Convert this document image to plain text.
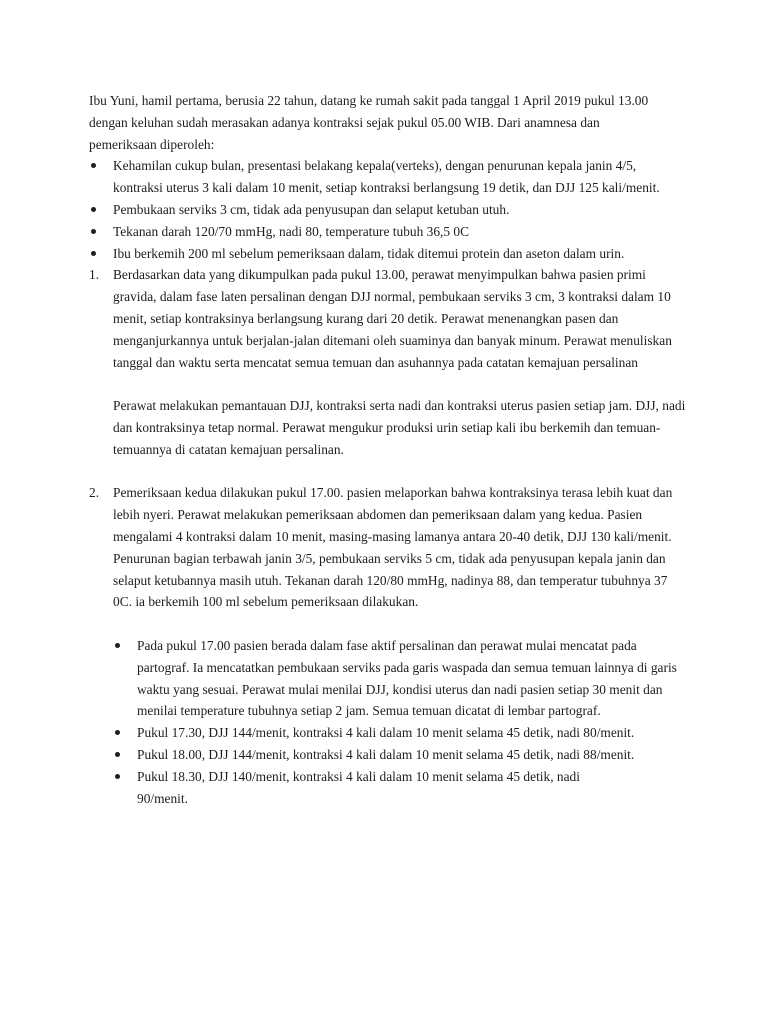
Ibu Yuni, hamil pertama, berusia 22 tahun, datang ke rumah sakit pada tanggal 1 April 2019 pukul 13.00 dengan keluhan sudah merasakan adanya kontraksi sejak pukul 05.00 WIB. Dari anamnesa dan pemeriksaan diperoleh:

Kehamilan cukup bulan, presentasi belakang kepala(verteks), dengan penurunan kepala janin 4/5, kontraksi uterus 3 kali dalam 10 menit, setiap kontraksi berlangsung 19 detik, dan DJJ 125 kali/menit.
Pembukaan serviks 3 cm, tidak ada penyusupan dan selaput ketuban utuh.
Tekanan darah 120/70 mmHg, nadi 80, temperature tubuh 36,5 0C
Ibu berkemih 200 ml sebelum pemeriksaan dalam, tidak ditemui protein dan aseton dalam urin.
1. Berdasarkan data yang dikumpulkan pada pukul 13.00, perawat menyimpulkan bahwa pasien primi gravida, dalam fase laten persalinan dengan DJJ normal, pembukaan serviks 3 cm, 3 kontraksi dalam 10 menit, setiap kontraksinya berlangsung kurang dari 20 detik. Perawat menenangkan pasen dan menganjurkannya untuk berjalan-jalan ditemani oleh suaminya dan banyak minum. Perawat menuliskan tanggal dan waktu serta mencatat semua temuan dan asuhannya pada catatan kemajuan persalinan

Perawat melakukan pemantauan DJJ, kontraksi serta nadi dan kontraksi uterus pasien setiap jam. DJJ, nadi dan kontraksinya tetap normal. Perawat mengukur produksi urin setiap kali ibu berkemih dan temuan-temuannya di catatan kemajuan persalinan.

2. Pemeriksaan kedua dilakukan pukul 17.00. pasien melaporkan bahwa kontraksinya terasa lebih kuat dan lebih nyeri. Perawat melakukan pemeriksaan abdomen dan pemeriksaan dalam yang kedua. Pasien mengalami 4 kontraksi dalam 10 menit, masing-masing lamanya antara 20-40 detik, DJJ 130 kali/menit. Penurunan bagian terbawah janin 3/5, pembukaan serviks 5 cm, tidak ada penyusupan kepala janin dan selaput ketubannya masih utuh. Tekanan darah 120/80 mmHg, nadinya 88, dan temperatur tubuhnya 37 0C. ia berkemih 100 ml sebelum pemeriksaan dilakukan.

Pada pukul 17.00 pasien berada dalam fase aktif persalinan dan perawat mulai mencatat pada partograf. Ia mencatatkan pembukaan serviks pada garis waspada dan semua temuan lainnya di garis waktu yang sesuai. Perawat mulai menilai DJJ, kondisi uterus dan nadi pasien setiap 30 menit dan menilai temperature tubuhnya setiap 2 jam. Semua temuan dicatat di lembar partograf.
Pukul 17.30, DJJ 144/menit, kontraksi 4 kali dalam 10 menit selama 45 detik, nadi 80/menit.
Pukul 18.00, DJJ 144/menit, kontraksi 4 kali dalam 10 menit selama 45 detik, nadi 88/menit.
Pukul 18.30, DJJ 140/menit, kontraksi 4 kali dalam 10 menit selama 45 detik, nadi 90/menit.
